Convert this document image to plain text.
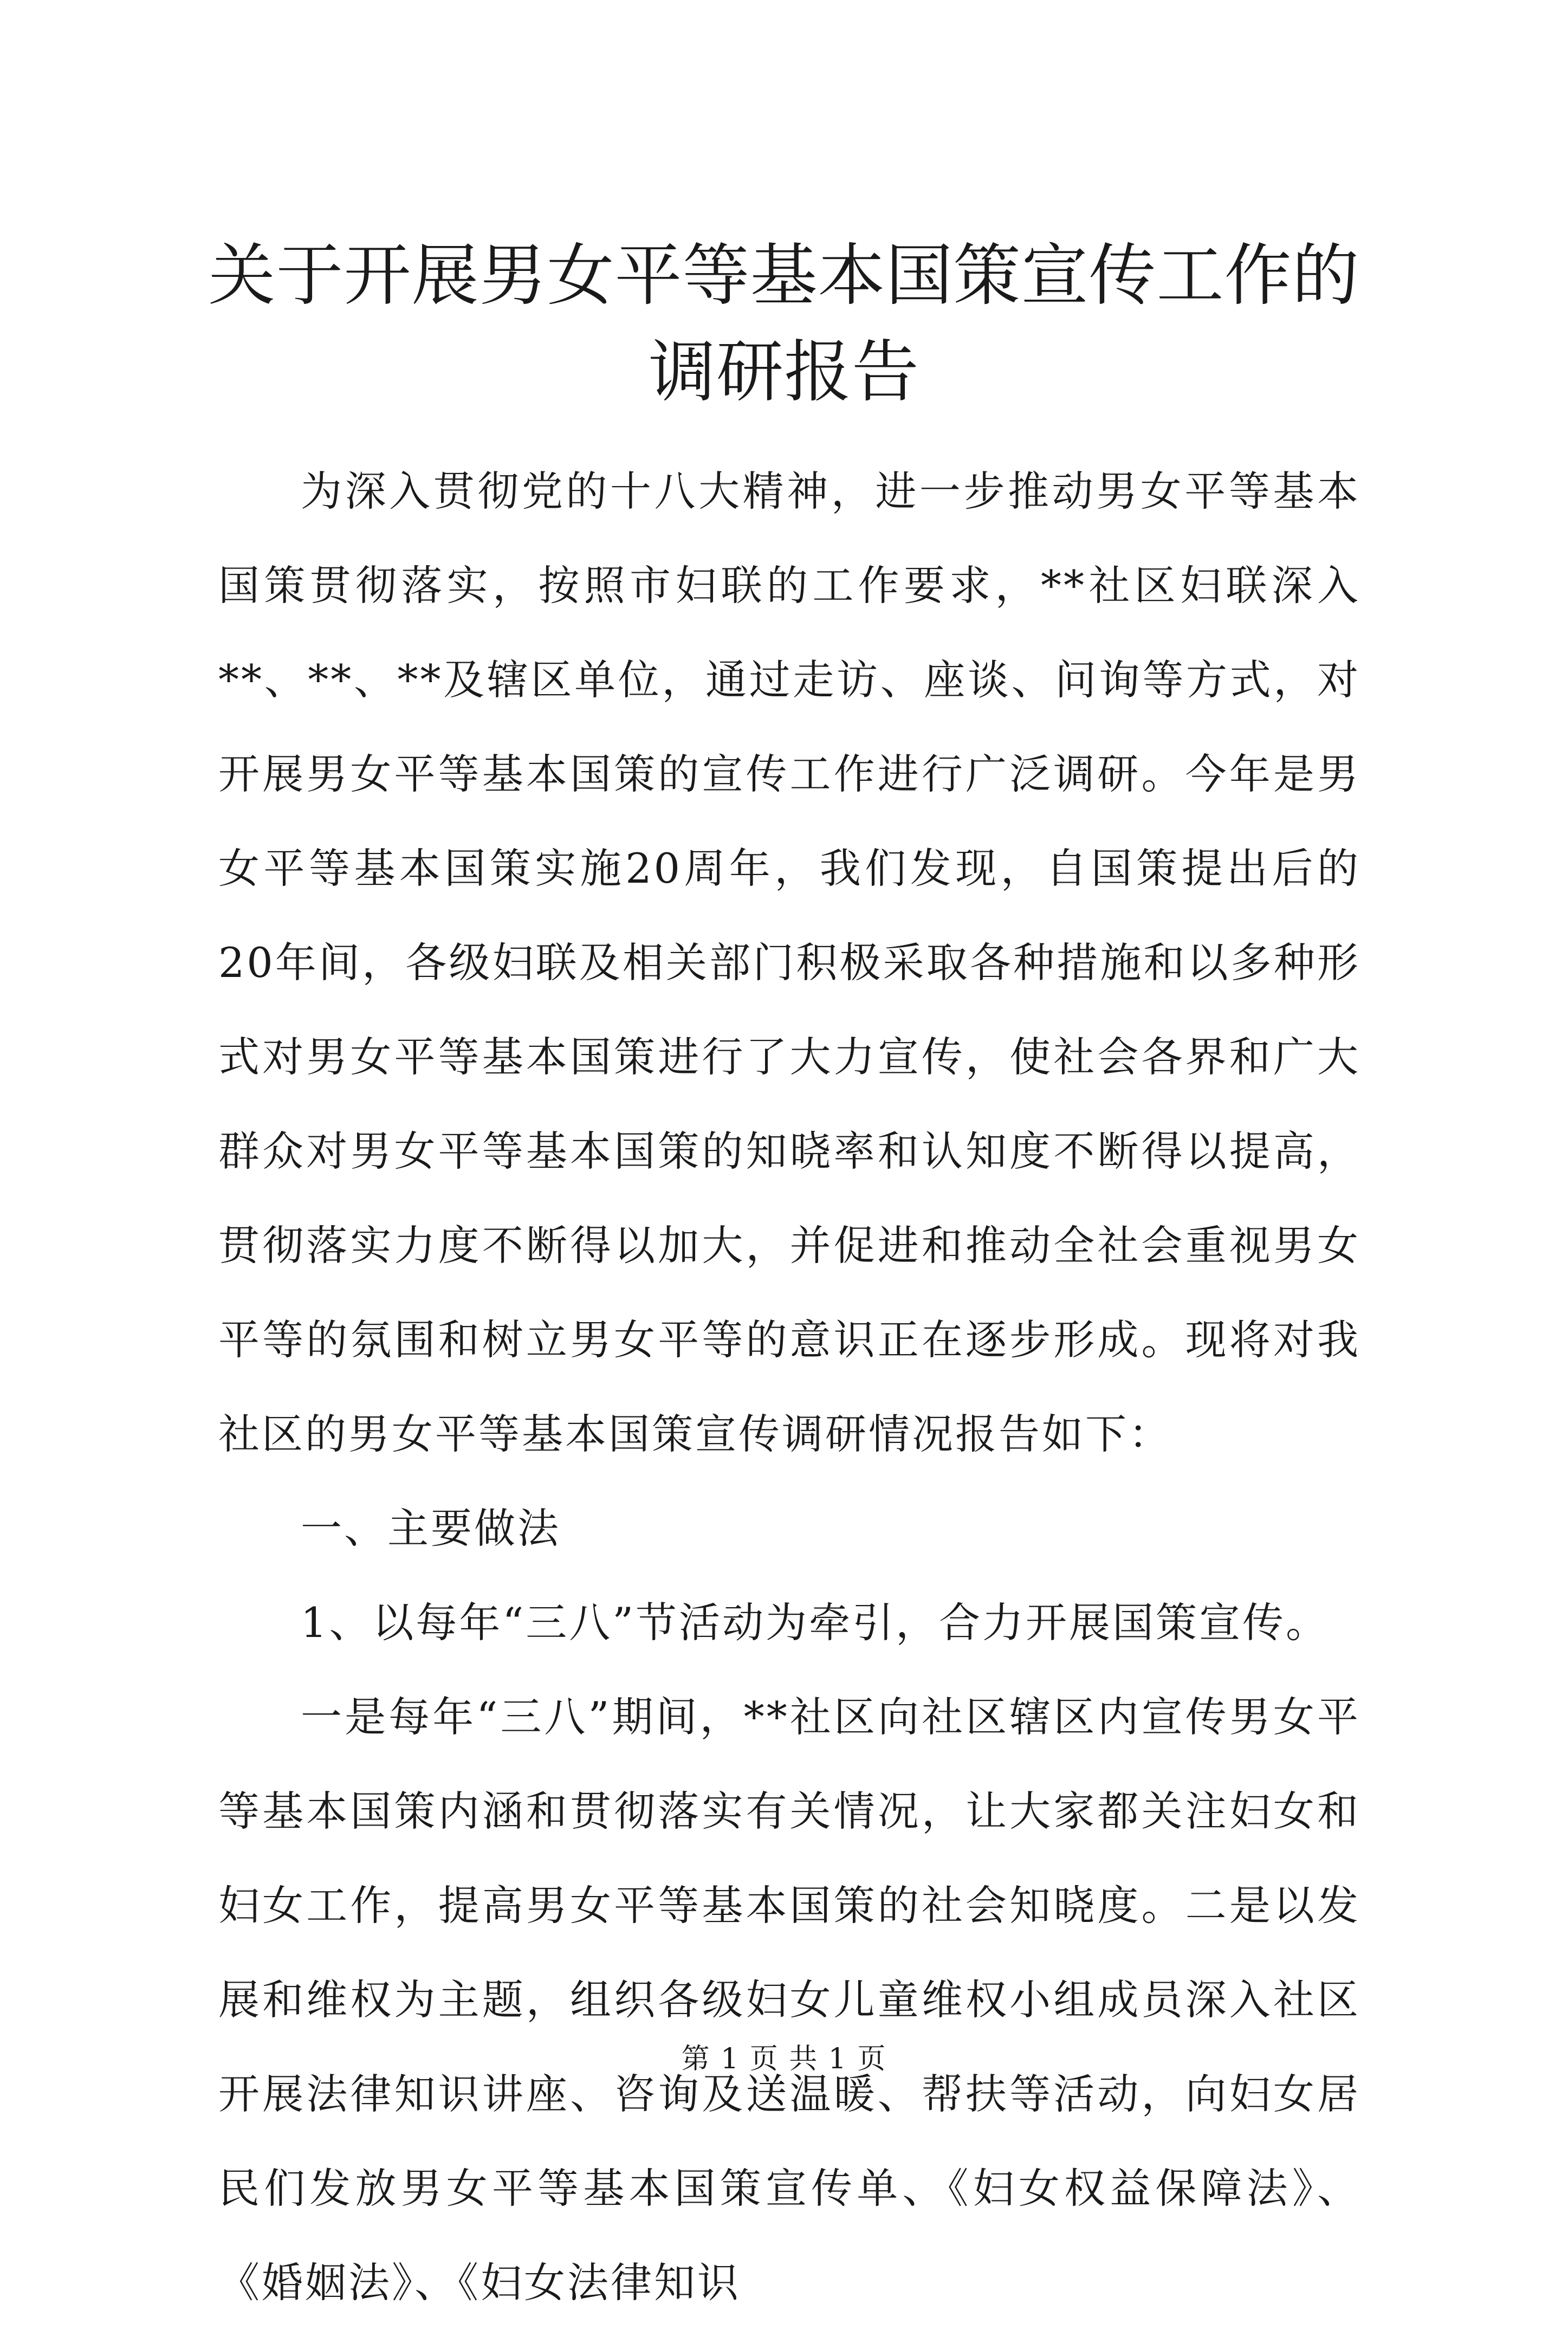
关于开展男女平等基本国策宣传工作的调研报告

为深入贯彻党的十八大精神，进一步推动男女平等基本国策贯彻落实，按照市妇联的工作要求，**社区妇联深入**、**、**及辖区单位，通过走访、座谈、问询等方式，对开展男女平等基本国策的宣传工作进行广泛调研。今年是男女平等基本国策实施20周年，我们发现，自国策提出后的20年间，各级妇联及相关部门积极采取各种措施和以多种形式对男女平等基本国策进行了大力宣传，使社会各界和广大群众对男女平等基本国策的知晓率和认知度不断得以提高，贯彻落实力度不断得以加大，并促进和推动全社会重视男女平等的氛围和树立男女平等的意识正在逐步形成。现将对我社区的男女平等基本国策宣传调研情况报告如下：

一、主要做法

1、以每年“三八”节活动为牵引，合力开展国策宣传。

一是每年“三八”期间，**社区向社区辖区内宣传男女平等基本国策内涵和贯彻落实有关情况，让大家都关注妇女和妇女工作，提高男女平等基本国策的社会知晓度。二是以发展和维权为主题，组织各级妇女儿童维权小组成员深入社区开展法律知识讲座、咨询及送温暖、帮扶等活动，向妇女居民们发放男女平等基本国策宣传单、《妇女权益保障法》、《婚姻法》、《妇女法律知识

第 1 页 共 1 页
